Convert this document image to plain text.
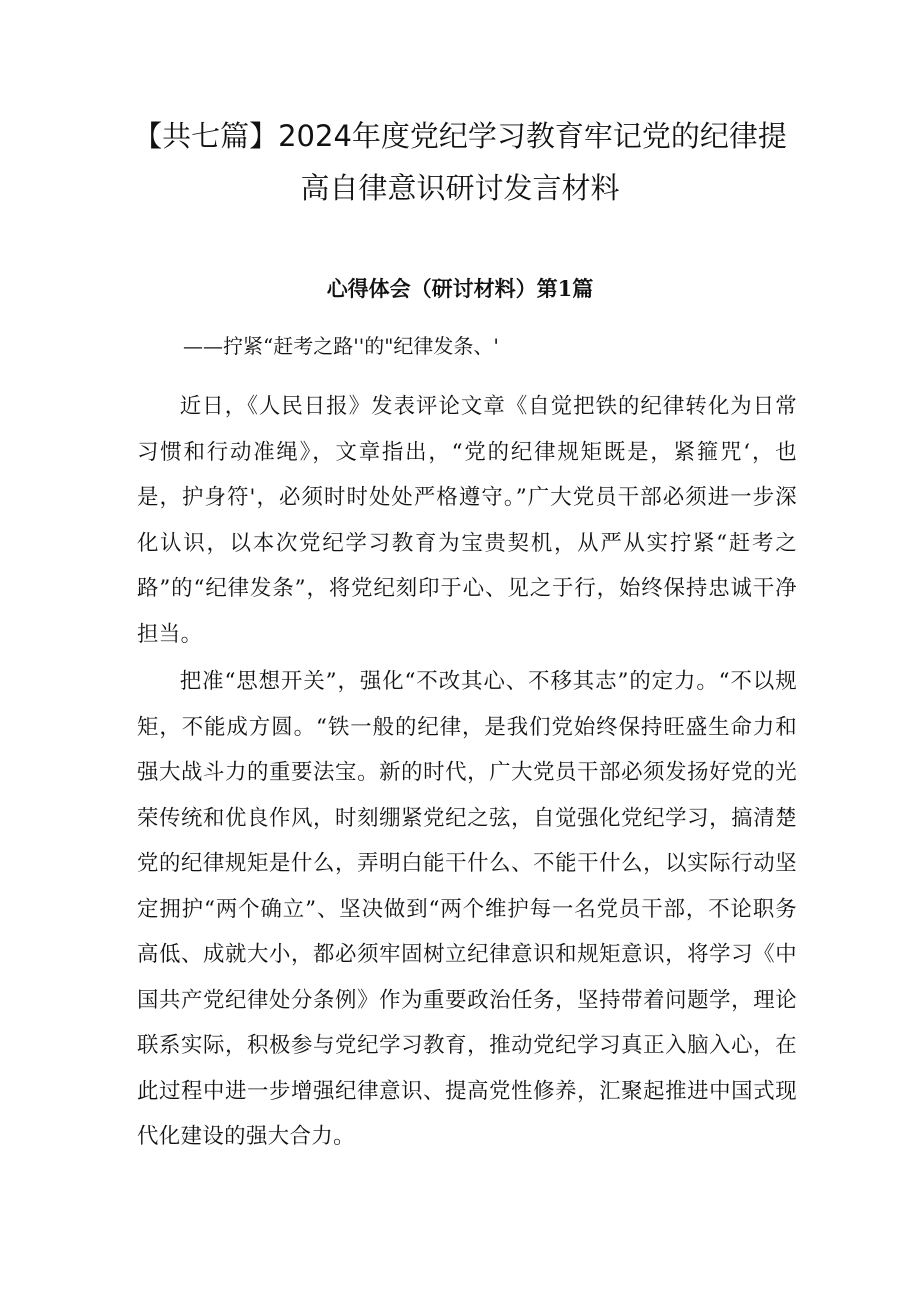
【共七篇】2024年度党纪学习教育牢记党的纪律提高自律意识研讨发言材料
心得体会（研讨材料）第1篇

——拧紧“赶考之路''的"纪律发条、'

近日，《人民日报》发表评论文章《自觉把铁的纪律转化为日常习惯和行动准绳》，文章指出，“党的纪律规矩既是，紧箍咒‘，也是，护身符'，必须时时处处严格遵守。”广大党员干部必须进一步深化认识，以本次党纪学习教育为宝贵契机，从严从实拧紧“赶考之路”的“纪律发条”，将党纪刻印于心、见之于行，始终保持忠诚干净担当。

把准“思想开关”，强化“不改其心、不移其志”的定力。“不以规矩，不能成方圆。“铁一般的纪律，是我们党始终保持旺盛生命力和强大战斗力的重要法宝。新的时代，广大党员干部必须发扬好党的光荣传统和优良作风，时刻绷紧党纪之弦，自觉强化党纪学习，搞清楚党的纪律规矩是什么，弄明白能干什么、不能干什么，以实际行动坚定拥护“两个确立”、坚决做到“两个维护每一名党员干部，不论职务高低、成就大小，都必须牢固树立纪律意识和规矩意识，将学习《中国共产党纪律处分条例》作为重要政治任务，坚持带着问题学，理论联系实际，积极参与党纪学习教育，推动党纪学习真正入脑入心，在此过程中进一步增强纪律意识、提高党性修养，汇聚起推进中国式现代化建设的强大合力。
